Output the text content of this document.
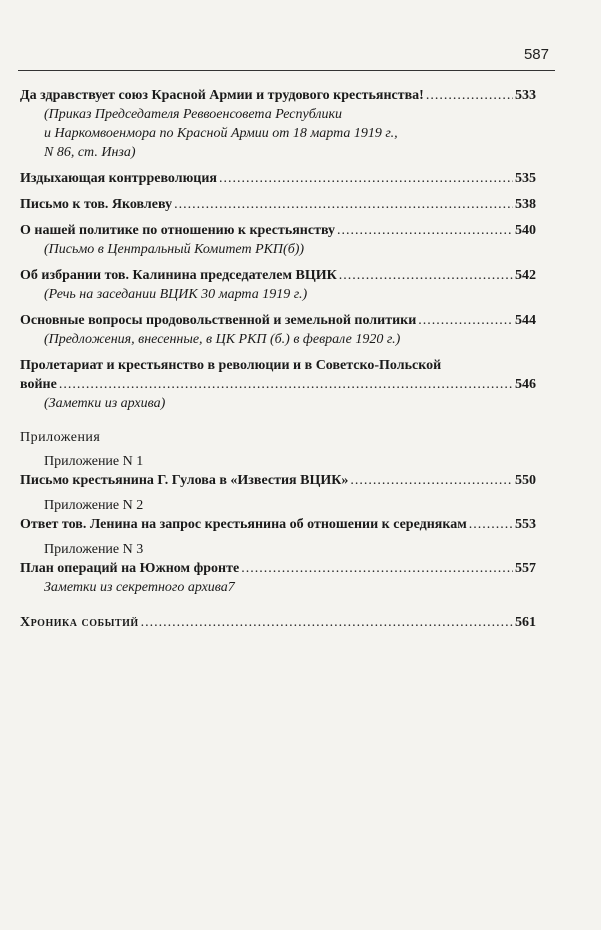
587
Да здравствует союз Красной Армии и трудового крестьянства! .....	533
(Приказ Председателя Реввоенсовета Республики
и Наркомвоенмора по Красной Армии от 18 марта 1919 г.,
N 86, ст. Инза)
Издыхающая контрреволюция .....	535
Письмо к тов. Яковлеву .....	538
О нашей политике по отношению к крестьянству .....	540
(Письмо в Центральный Комитет РКП(б))
Об избрании тов. Калинина председателем ВЦИК .....	542
(Речь на заседании ВЦИК 30 марта 1919 г.)
Основные вопросы продовольственной и земельной политики .....	544
(Предложения, внесенные, в ЦК РКП (б.) в феврале 1920 г.)
Пролетариат и крестьянство в революции и в Советско-Польской
войне .....	546
(Заметки из архива)
Приложения
Приложение N 1
Письмо крестьянина Г. Гулова в «Известия ВЦИК» .....	550
Приложение N 2
Ответ тов. Ленина на запрос крестьянина об отношении к середнякам .....	553
Приложение N 3
План операций на Южном фронте .....	557
Заметки из секретного архива7
Хроника событий .....	561
